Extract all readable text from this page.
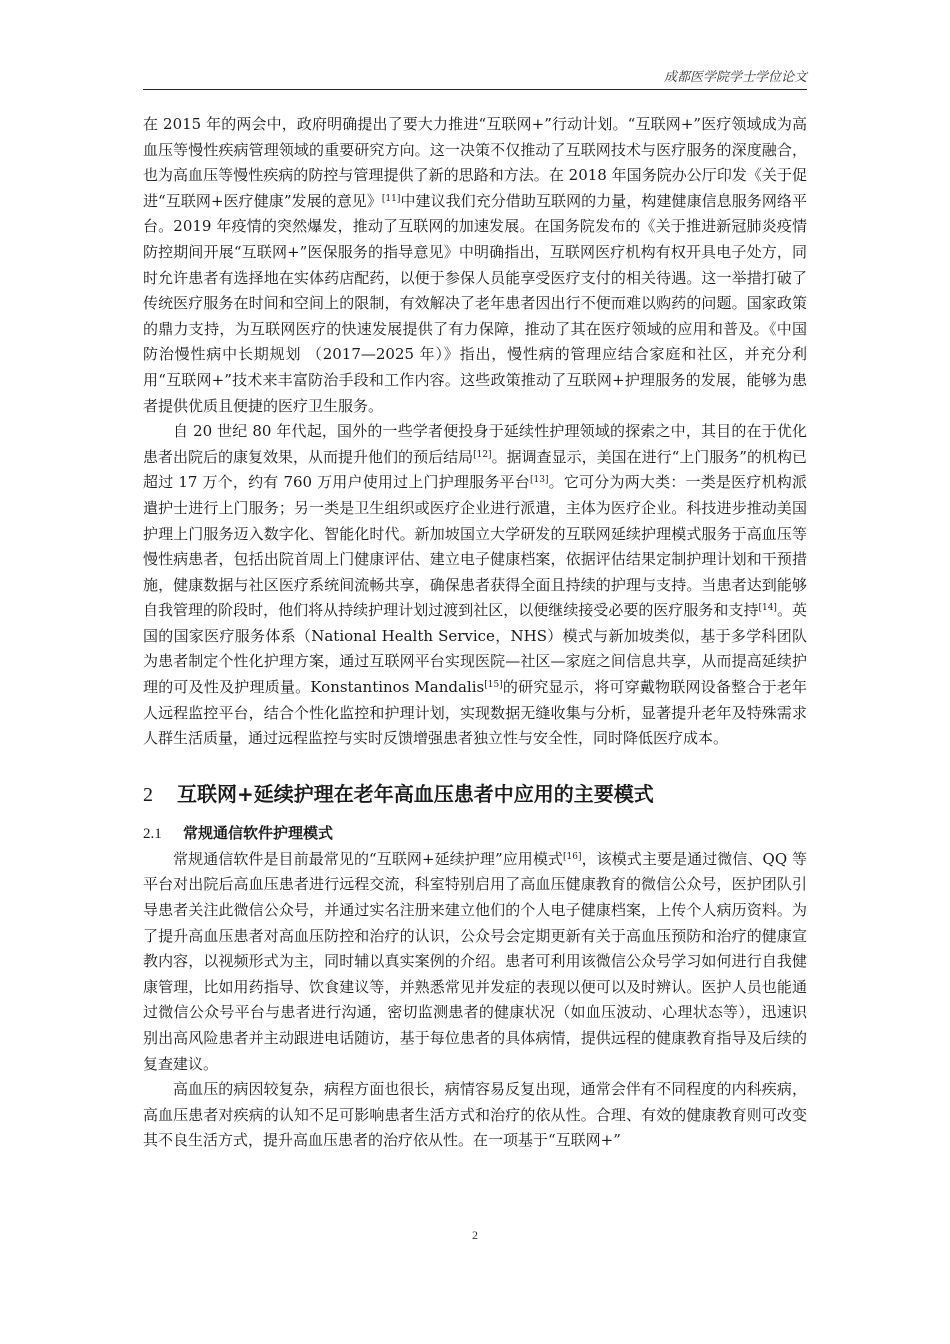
成都医学院学士学位论文

在 2015 年的两会中，政府明确提出了要大力推进“互联网+”行动计划。“互联网+”医疗领域成为高血压等慢性疾病管理领域的重要研究方向。这一决策不仅推动了互联网技术与医疗服务的深度融合，也为高血压等慢性疾病的防控与管理提供了新的思路和方法。在 2018 年国务院办公厅印发《关于促进“互联网+医疗健康”发展的意见》[11]中建议我们充分借助互联网的力量，构建健康信息服务网络平台。2019 年疫情的突然爆发，推动了互联网的加速发展。在国务院发布的《关于推进新冠肺炎疫情防控期间开展“互联网+”医保服务的指导意见》中明确指出，互联网医疗机构有权开具电子处方，同时允许患者有选择地在实体药店配药，以便于参保人员能享受医疗支付的相关待遇。这一举措打破了传统医疗服务在时间和空间上的限制，有效解决了老年患者因出行不便而难以购药的问题。国家政策的鼎力支持，为互联网医疗的快速发展提供了有力保障，推动了其在医疗领域的应用和普及。《中国防治慢性病中长期规划 （2017—2025 年）》指出，慢性病的管理应结合家庭和社区，并充分利用“互联网+”技术来丰富防治手段和工作内容。这些政策推动了互联网+护理服务的发展，能够为患者提供优质且便捷的医疗卫生服务。

自 20 世纪 80 年代起，国外的一些学者便投身于延续性护理领域的探索之中，其目的在于优化患者出院后的康复效果，从而提升他们的预后结局[12]。据调查显示，美国在进行“上门服务”的机构已超过 17 万个，约有 760 万用户使用过上门护理服务平台[13]。它可分为两大类：一类是医疗机构派遣护士进行上门服务；另一类是卫生组织或医疗企业进行派遣，主体为医疗企业。科技进步推动美国护理上门服务迈入数字化、智能化时代。新加坡国立大学研发的互联网延续护理模式服务于高血压等慢性病患者，包括出院首周上门健康评估、建立电子健康档案，依据评估结果定制护理计划和干预措施，健康数据与社区医疗系统间流畅共享，确保患者获得全面且持续的护理与支持。当患者达到能够自我管理的阶段时，他们将从持续护理计划过渡到社区，以便继续接受必要的医疗服务和支持[14]。英国的国家医疗服务体系（National Health Service，NHS）模式与新加坡类似，基于多学科团队为患者制定个性化护理方案，通过互联网平台实现医院—社区—家庭之间信息共享，从而提高延续护理的可及性及护理质量。Konstantinos Mandalis[15]的研究显示，将可穿戴物联网设备整合于老年人远程监控平台，结合个性化监控和护理计划，实现数据无缝收集与分析，显著提升老年及特殊需求人群生活质量，通过远程监控与实时反馈增强患者独立性与安全性，同时降低医疗成本。

2	互联网+延续护理在老年高血压患者中应用的主要模式
2.1	常规通信软件护理模式

常规通信软件是目前最常见的“互联网+延续护理”应用模式[16]，该模式主要是通过微信、QQ 等平台对出院后高血压患者进行远程交流，科室特别启用了高血压健康教育的微信公众号，医护团队引导患者关注此微信公众号，并通过实名注册来建立他们的个人电子健康档案，上传个人病历资料。为了提升高血压患者对高血压防控和治疗的认识，公众号会定期更新有关于高血压预防和治疗的健康宣教内容，以视频形式为主，同时辅以真实案例的介绍。患者可利用该微信公众号学习如何进行自我健康管理，比如用药指导、饮食建议等，并熟悉常见并发症的表现以便可以及时辨认。医护人员也能通过微信公众号平台与患者进行沟通，密切监测患者的健康状况（如血压波动、心理状态等），迅速识别出高风险患者并主动跟进电话随访，基于每位患者的具体病情，提供远程的健康教育指导及后续的复查建议。

高血压的病因较复杂，病程方面也很长，病情容易反复出现，通常会伴有不同程度的内科疾病，高血压患者对疾病的认知不足可影响患者生活方式和治疗的依从性。合理、有效的健康教育则可改变其不良生活方式，提升高血压患者的治疗依从性。在一项基于“互联网+”

2
